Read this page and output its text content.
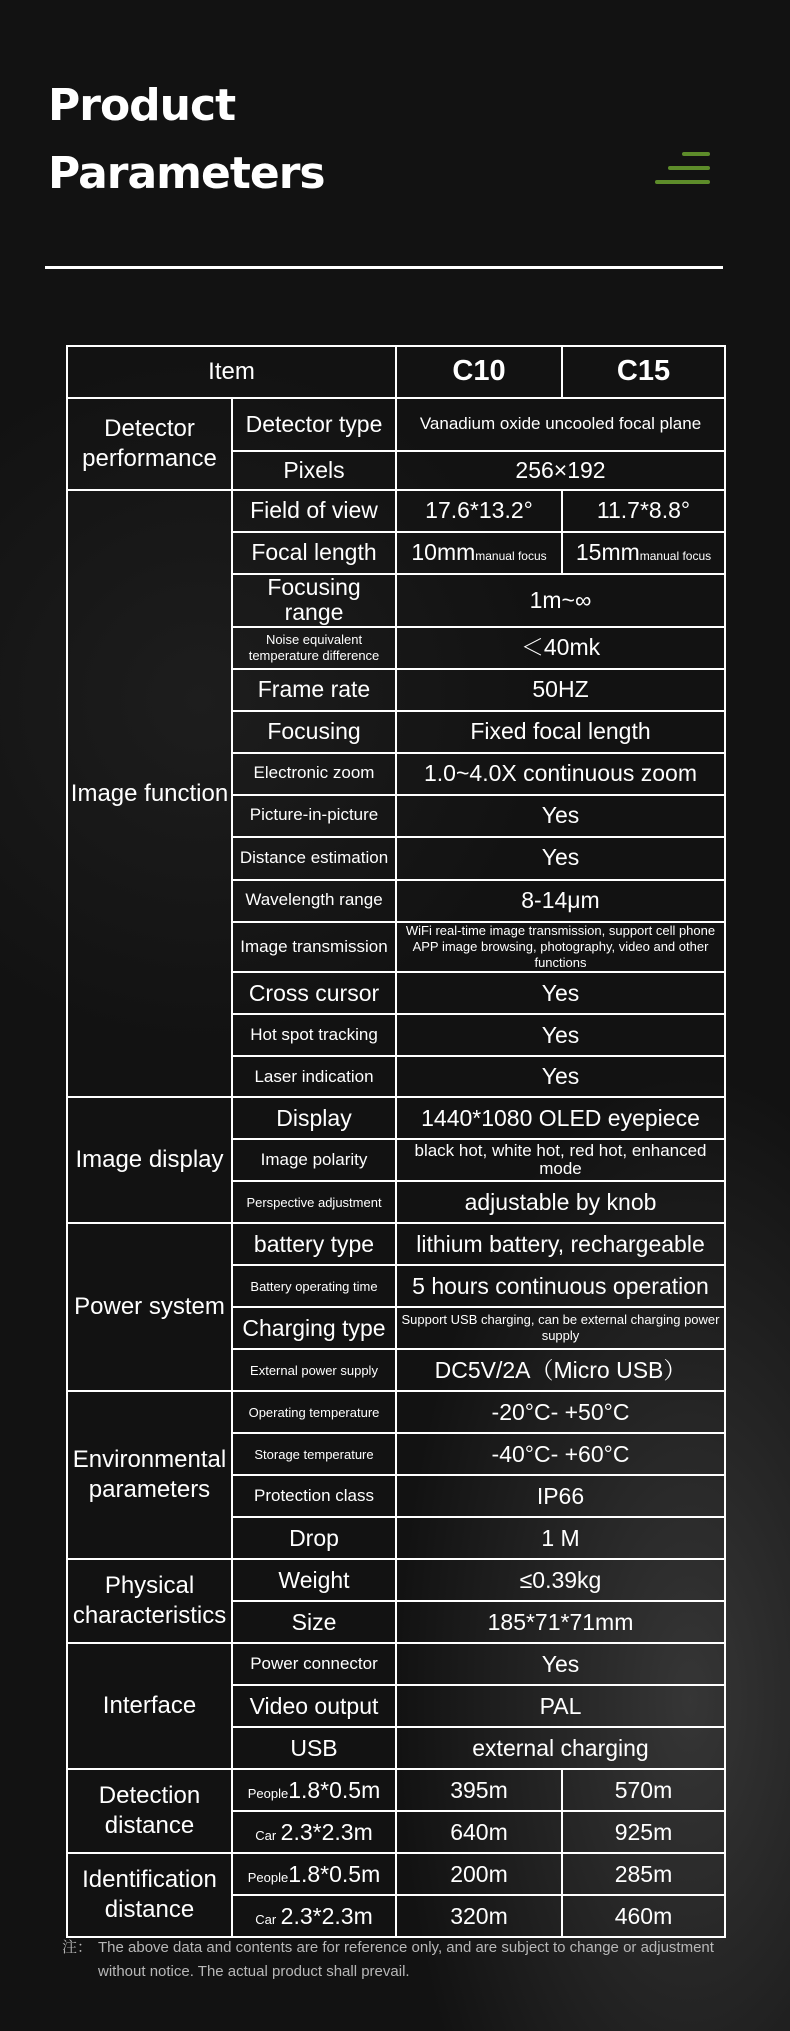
Product
Parameters
Item		C10	C15
Detector performance	Detector type	Vanadium oxide uncooled focal plane	
	Pixels	256×192	
Image function	Field of view	17.6*13.2°	11.7*8.8°
	Focal length	10mmmanual focus	15mmmanual focus
	Focusing range	1m~∞	
	Noise equivalent temperature difference	＜40mk	
	Frame rate	50HZ	
	Focusing	Fixed focal length	
	Electronic zoom	1.0~4.0X continuous zoom	
	Picture-in-picture	Yes	
	Distance estimation	Yes	
	Wavelength range	8-14μm	
	Image transmission	WiFi real-time image transmission, support cell phone APP image browsing, photography, video and other functions	
	Cross cursor	Yes	
	Hot spot tracking	Yes	
	Laser indication	Yes	
Image display	Display	1440*1080 OLED eyepiece	
	Image polarity	black hot, white hot, red hot, enhanced mode	
	Perspective adjustment	adjustable by knob	
Power system	battery type	lithium battery, rechargeable	
	Battery operating time	5 hours continuous operation	
	Charging type	Support USB charging, can be external charging power supply	
	External power supply	DC5V/2A（Micro USB）	
Environmental parameters	Operating temperature	-20°C- +50°C	
	Storage temperature	-40°C- +60°C	
	Protection class	IP66	
	Drop	1 M	
Physical characteristics	Weight	≤0.39kg	
	Size	185*71*71mm	
Interface	Power connector	Yes	
	Video output	PAL	
	USB	external charging	
Detection distance	People1.8*0.5m	395m	570m
	Car 2.3*2.3m	640m	925m
Identification distance	People1.8*0.5m	200m	285m
	Car 2.3*2.3m	320m	460m
注： The above data and contents are for reference only, and are subject to change or adjustment without notice. The actual product shall prevail.
